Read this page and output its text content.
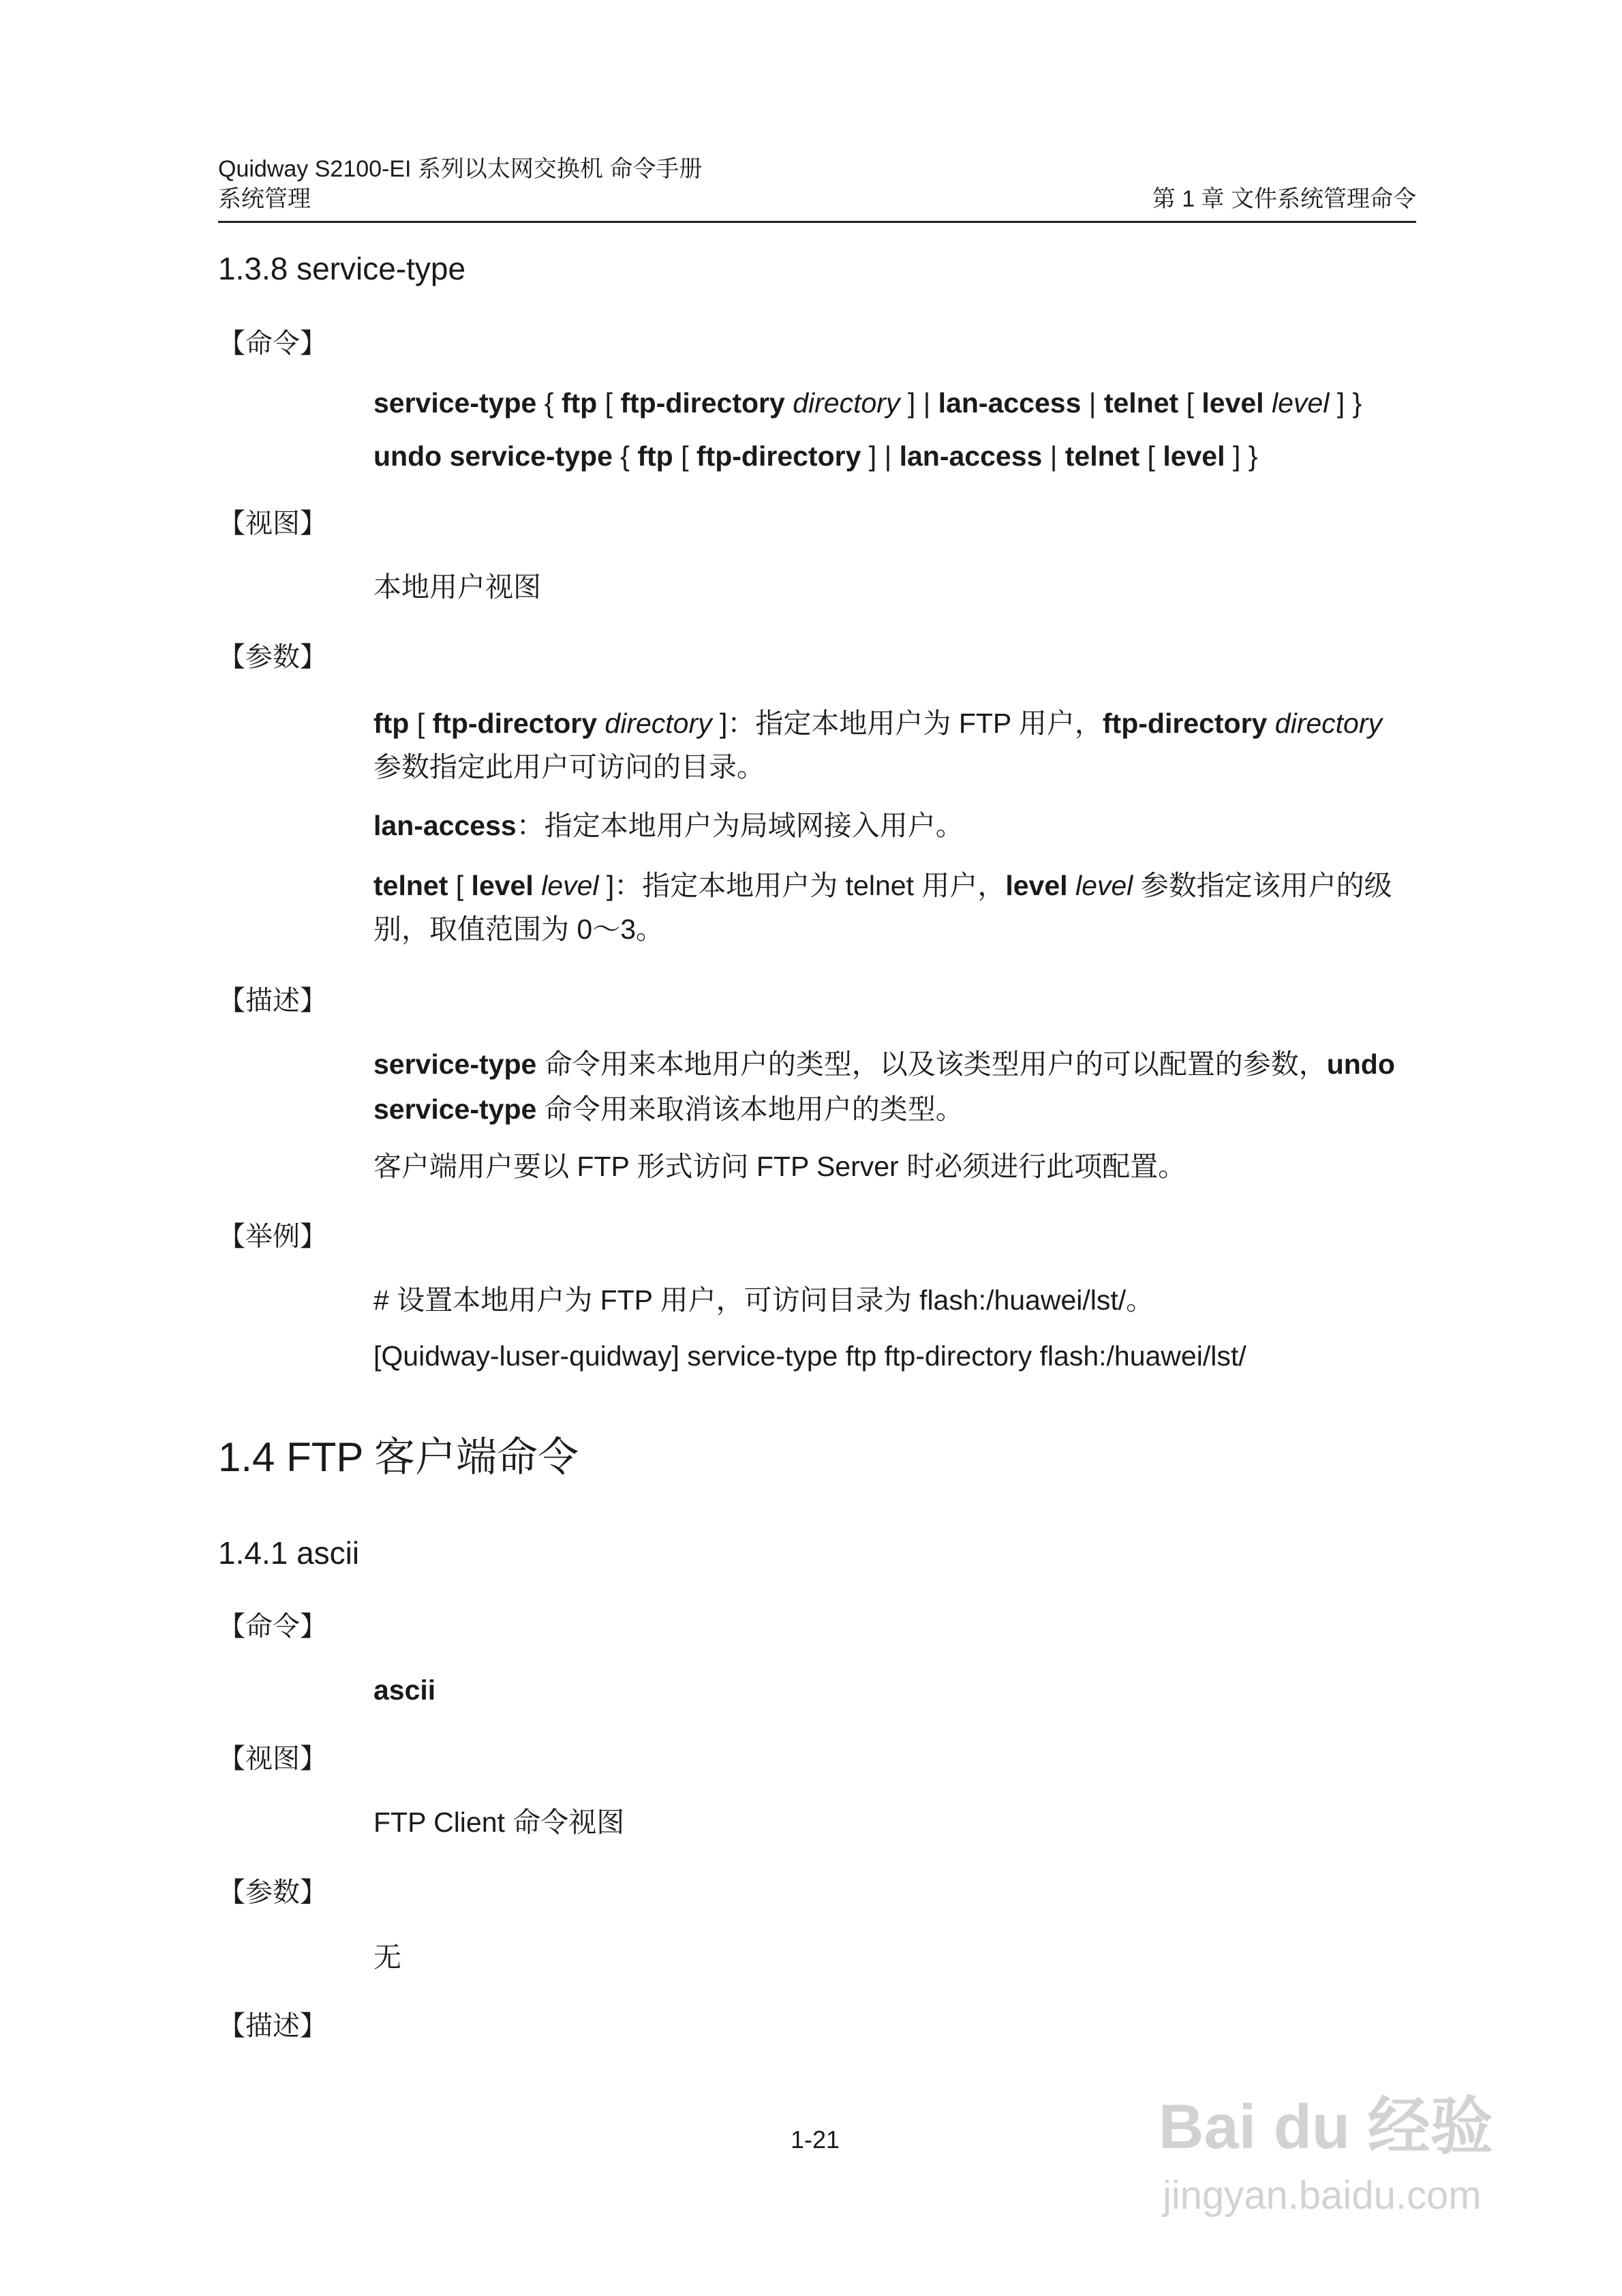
Quidway S2100-EI 系列以太网交换机 命令手册
系统管理	第 1 章 文件系统管理命令
1.3.8 service-type
【命令】
service-type { ftp [ ftp-directory directory ] | lan-access | telnet [ level level ] }
undo service-type { ftp [ ftp-directory ] | lan-access | telnet [ level ] }
【视图】
本地用户视图
【参数】
ftp [ ftp-directory directory ]：指定本地用户为 FTP 用户，ftp-directory directory
参数指定此用户可访问的目录。
lan-access：指定本地用户为局域网接入用户。
telnet [ level level ]：指定本地用户为 telnet 用户，level level 参数指定该用户的级
别，取值范围为 0～3。
【描述】
service-type 命令用来本地用户的类型，以及该类型用户的可以配置的参数，undo
service-type 命令用来取消该本地用户的类型。
客户端用户要以 FTP 形式访问 FTP Server 时必须进行此项配置。
【举例】
# 设置本地用户为 FTP 用户，可访问目录为 flash:/huawei/lst/。
[Quidway-luser-quidway] service-type ftp ftp-directory flash:/huawei/lst/
1.4 FTP 客户端命令
1.4.1 ascii
【命令】
ascii
【视图】
FTP Client 命令视图
【参数】
无
【描述】
1-21	Bai du 经验
jingyan.baidu.com
